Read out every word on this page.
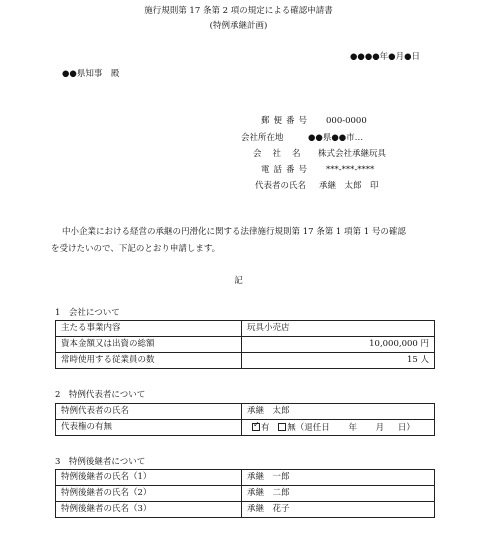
施行規則第 17 条第 2 項の規定による確認申請書
(特例承継計画)
●●●●年●月●日
●●県知事　殿
郵便番号 000-0000
会社所在地	●●県●●市…
会社名 株式会社承継玩具
電話番号 ***-***-****
代表者の氏名 承継　太郎　印
中小企業における経営の承継の円滑化に関する法律施行規則第 17 条第 1 項第 1 号の確認
を受けたいので、下記のとおり申請します。
記
1　会社について
主たる事業内容	玩具小売店
資本金額又は出資の総額	10,000,000 円
常時使用する従業員の数	15 人
2　特例代表者について
特例代表者の氏名	承継　太郎
代表権の有無	✓有 無（退任日 年 月 日）
3　特例後継者について
特例後継者の氏名（1）	承継　一郎
特例後継者の氏名（2）	承継　二郎
特例後継者の氏名（3）	承継　花子
